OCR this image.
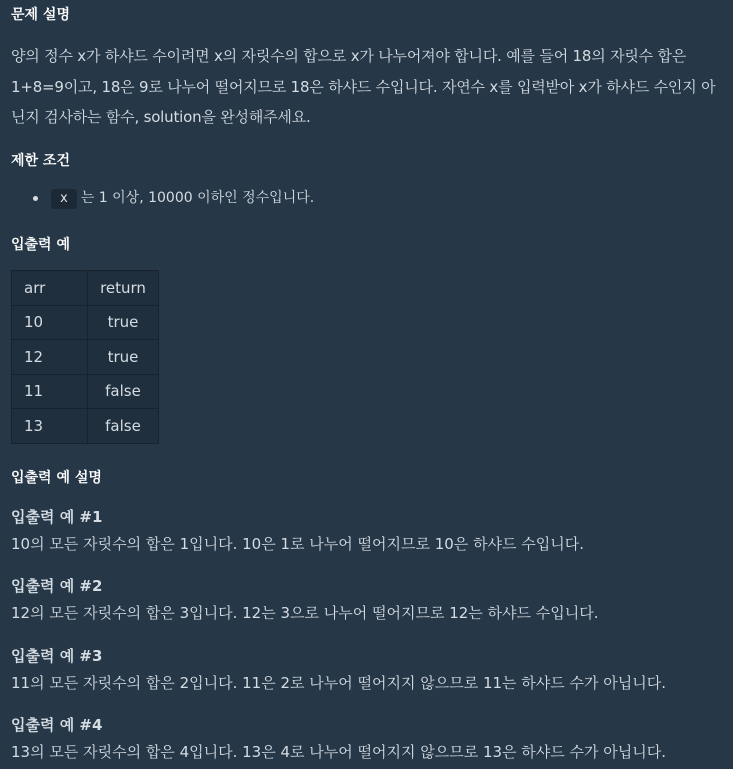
문제 설명

양의 정수 x가 하샤드 수이려면 x의 자릿수의 합으로 x가 나누어져야 합니다. 예를 들어 18의 자릿수 합은

1+8=9이고, 18은 9로 나누어 떨어지므로 18은 하샤드 수입니다. 자연수 x를 입력받아 x가 하샤드 수인지 아

닌지 검사하는 함수, solution을 완성해주세요.

제한 조건
x 는 1 이상, 10000 이하인 정수입니다.
입출력 예
arr	return
10	true
12	true
11	false
13	false
입출력 예 설명
입출력 예 #1

10의 모든 자릿수의 합은 1입니다. 10은 1로 나누어 떨어지므로 10은 하샤드 수입니다.

입출력 예 #2

12의 모든 자릿수의 합은 3입니다. 12는 3으로 나누어 떨어지므로 12는 하샤드 수입니다.

입출력 예 #3

11의 모든 자릿수의 합은 2입니다. 11은 2로 나누어 떨어지지 않으므로 11는 하샤드 수가 아닙니다.

입출력 예 #4

13의 모든 자릿수의 합은 4입니다. 13은 4로 나누어 떨어지지 않으므로 13은 하샤드 수가 아닙니다.
